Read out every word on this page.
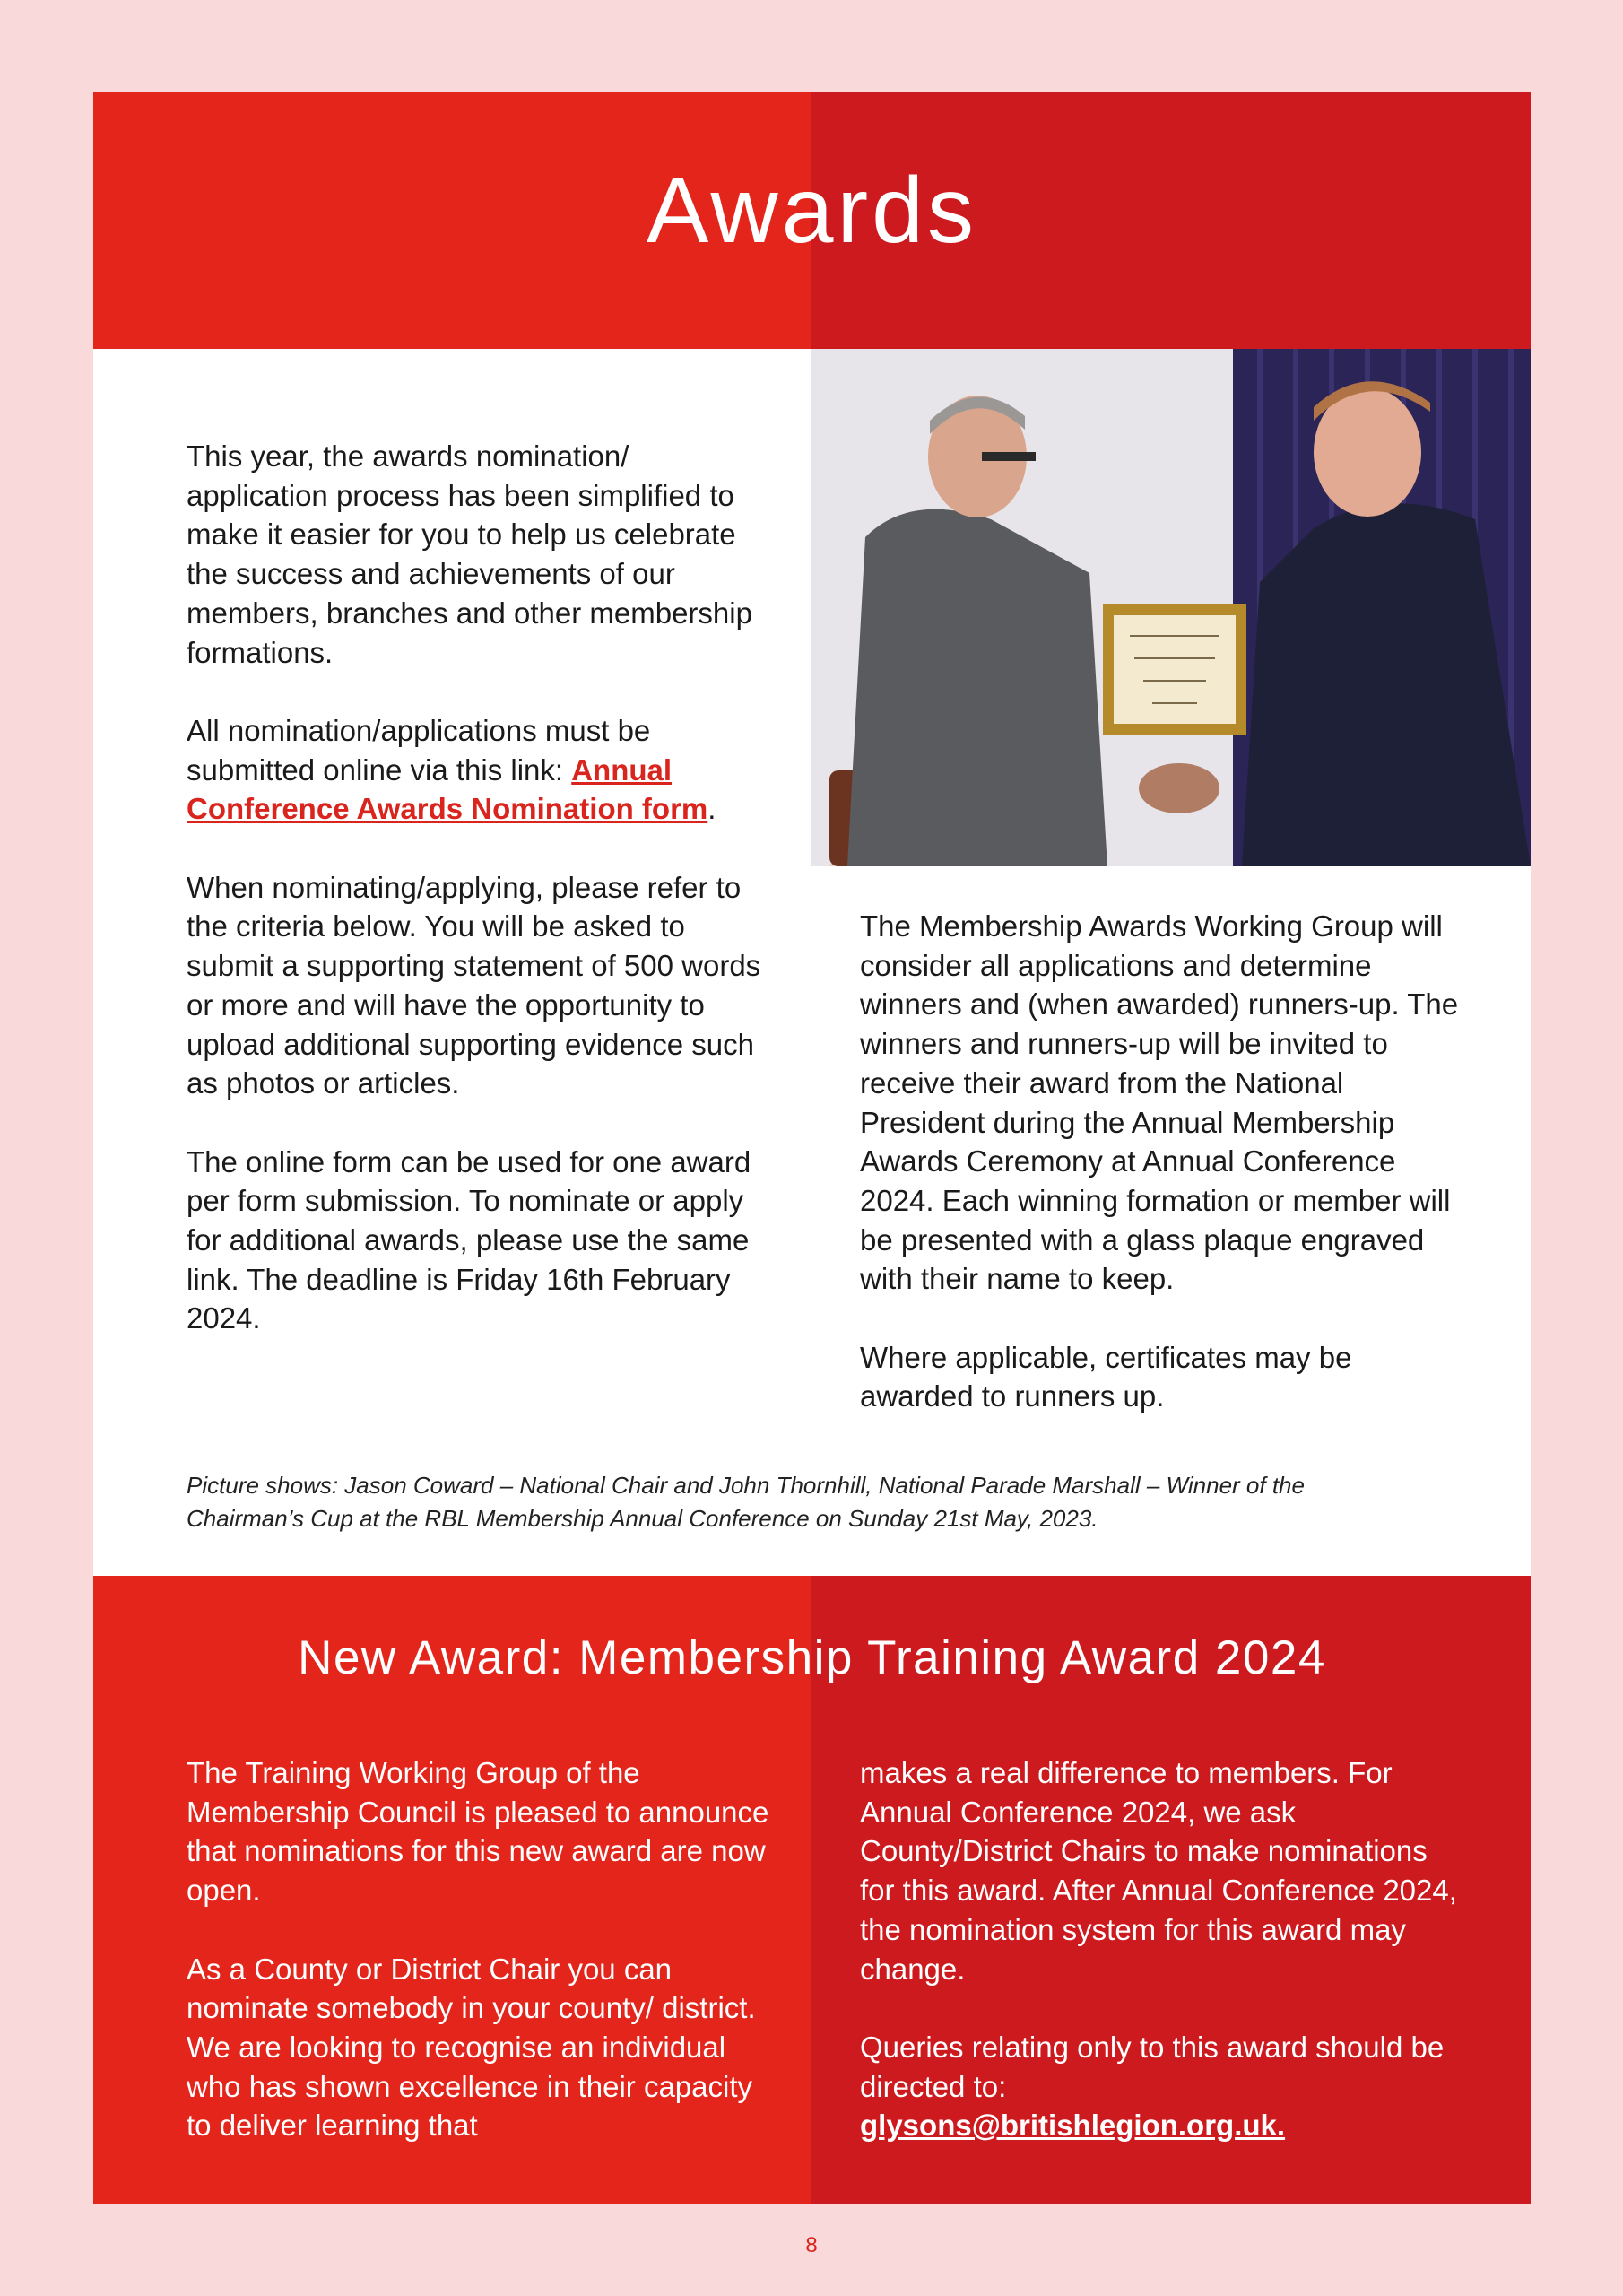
Awards

This year, the awards nomination/ application process has been simplified to make it easier for you to help us celebrate the success and achievements of our members, branches and other membership formations.

All nomination/applications must be submitted online via this link: Annual Conference Awards Nomination form.

When nominating/applying, please refer to the criteria below. You will be asked to submit a supporting statement of 500 words or more and will have the opportunity to upload additional supporting evidence such as photos or articles.

The online form can be used for one award per form submission. To nominate or apply for additional awards, please use the same link. The deadline is Friday 16th February 2024.

The Membership Awards Working Group will consider all applications and determine winners and (when awarded) runners-up. The winners and runners-up will be invited to receive their award from the National President during the Annual Membership Awards Ceremony at Annual Conference 2024. Each winning formation or member will be presented with a glass plaque engraved with their name to keep.

Where applicable, certificates may be awarded to runners up.

Picture shows: Jason Coward – National Chair and John Thornhill, National Parade Marshall – Winner of the Chairman’s Cup at the RBL Membership Annual Conference on Sunday 21st May, 2023.
New Award: Membership Training Award 2024

The Training Working Group of the Membership Council is pleased to announce that nominations for this new award are now open.

As a County or District Chair you can nominate somebody in your county/ district. We are looking to recognise an individual who has shown excellence in their capacity to deliver learning that

makes a real difference to members. For Annual Conference 2024, we ask County/District Chairs to make nominations for this award. After Annual Conference 2024, the nomination system for this award may change.

Queries relating only to this award should be directed to:
glysons@britishlegion.org.uk.

8
